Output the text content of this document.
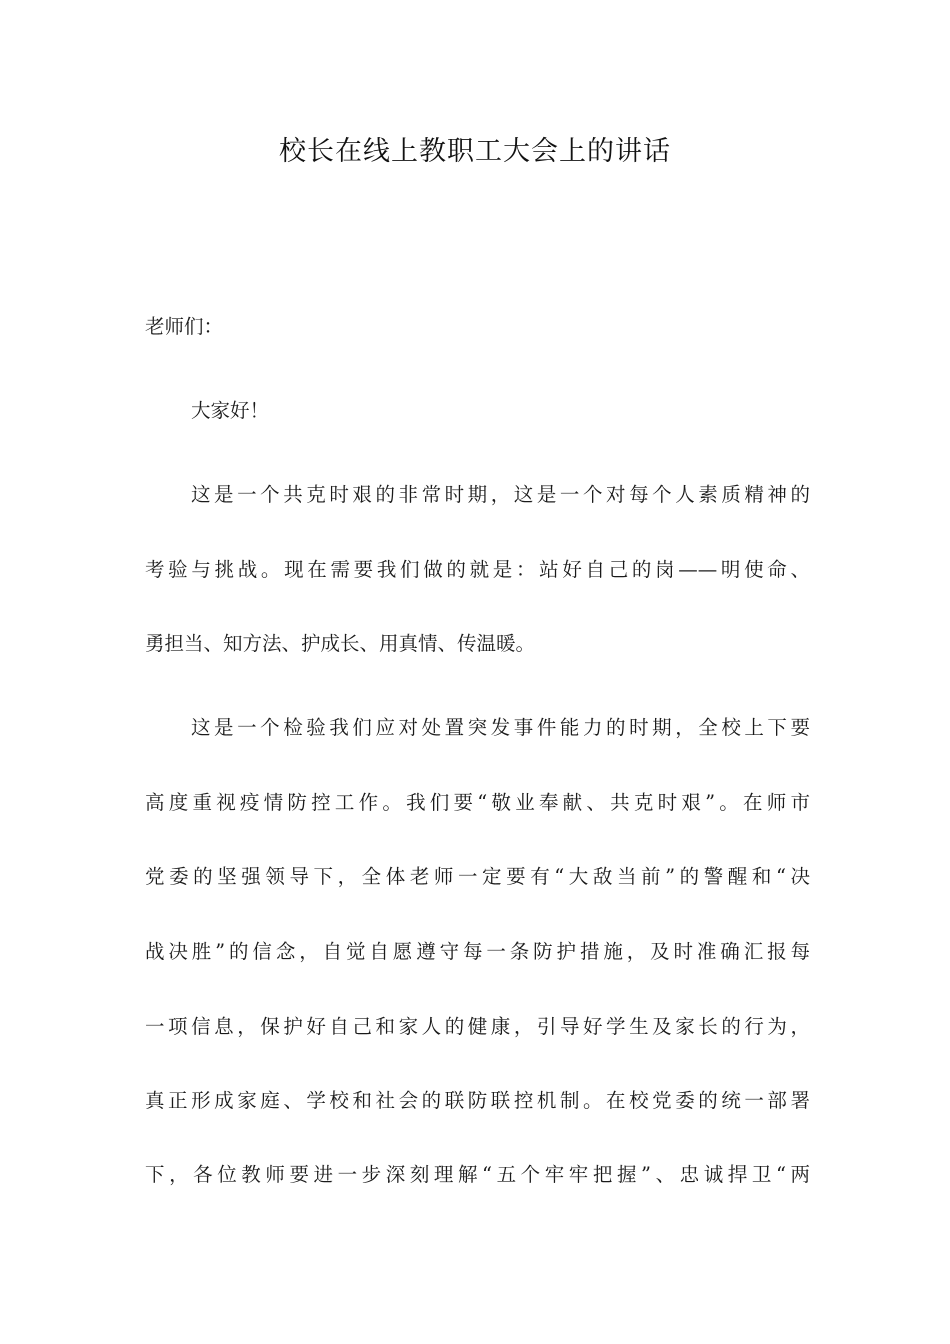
校长在线上教职工大会上的讲话
老师们：
大家好！
这是一个共克时艰的非常时期，这是一个对每个人素质精神的
考验与挑战。现在需要我们做的就是：站好自己的岗——明使命、
勇担当、知方法、护成长、用真情、传温暖。
这是一个检验我们应对处置突发事件能力的时期，全校上下要
高度重视疫情防控工作。我们要“敬业奉献、共克时艰”。在师市
党委的坚强领导下，全体老师一定要有“大敌当前”的警醒和“决
战决胜”的信念，自觉自愿遵守每一条防护措施，及时准确汇报每
一项信息，保护好自己和家人的健康，引导好学生及家长的行为，
真正形成家庭、学校和社会的联防联控机制。在校党委的统一部署
下，各位教师要进一步深刻理解“五个牢牢把握”、忠诚捍卫“两
